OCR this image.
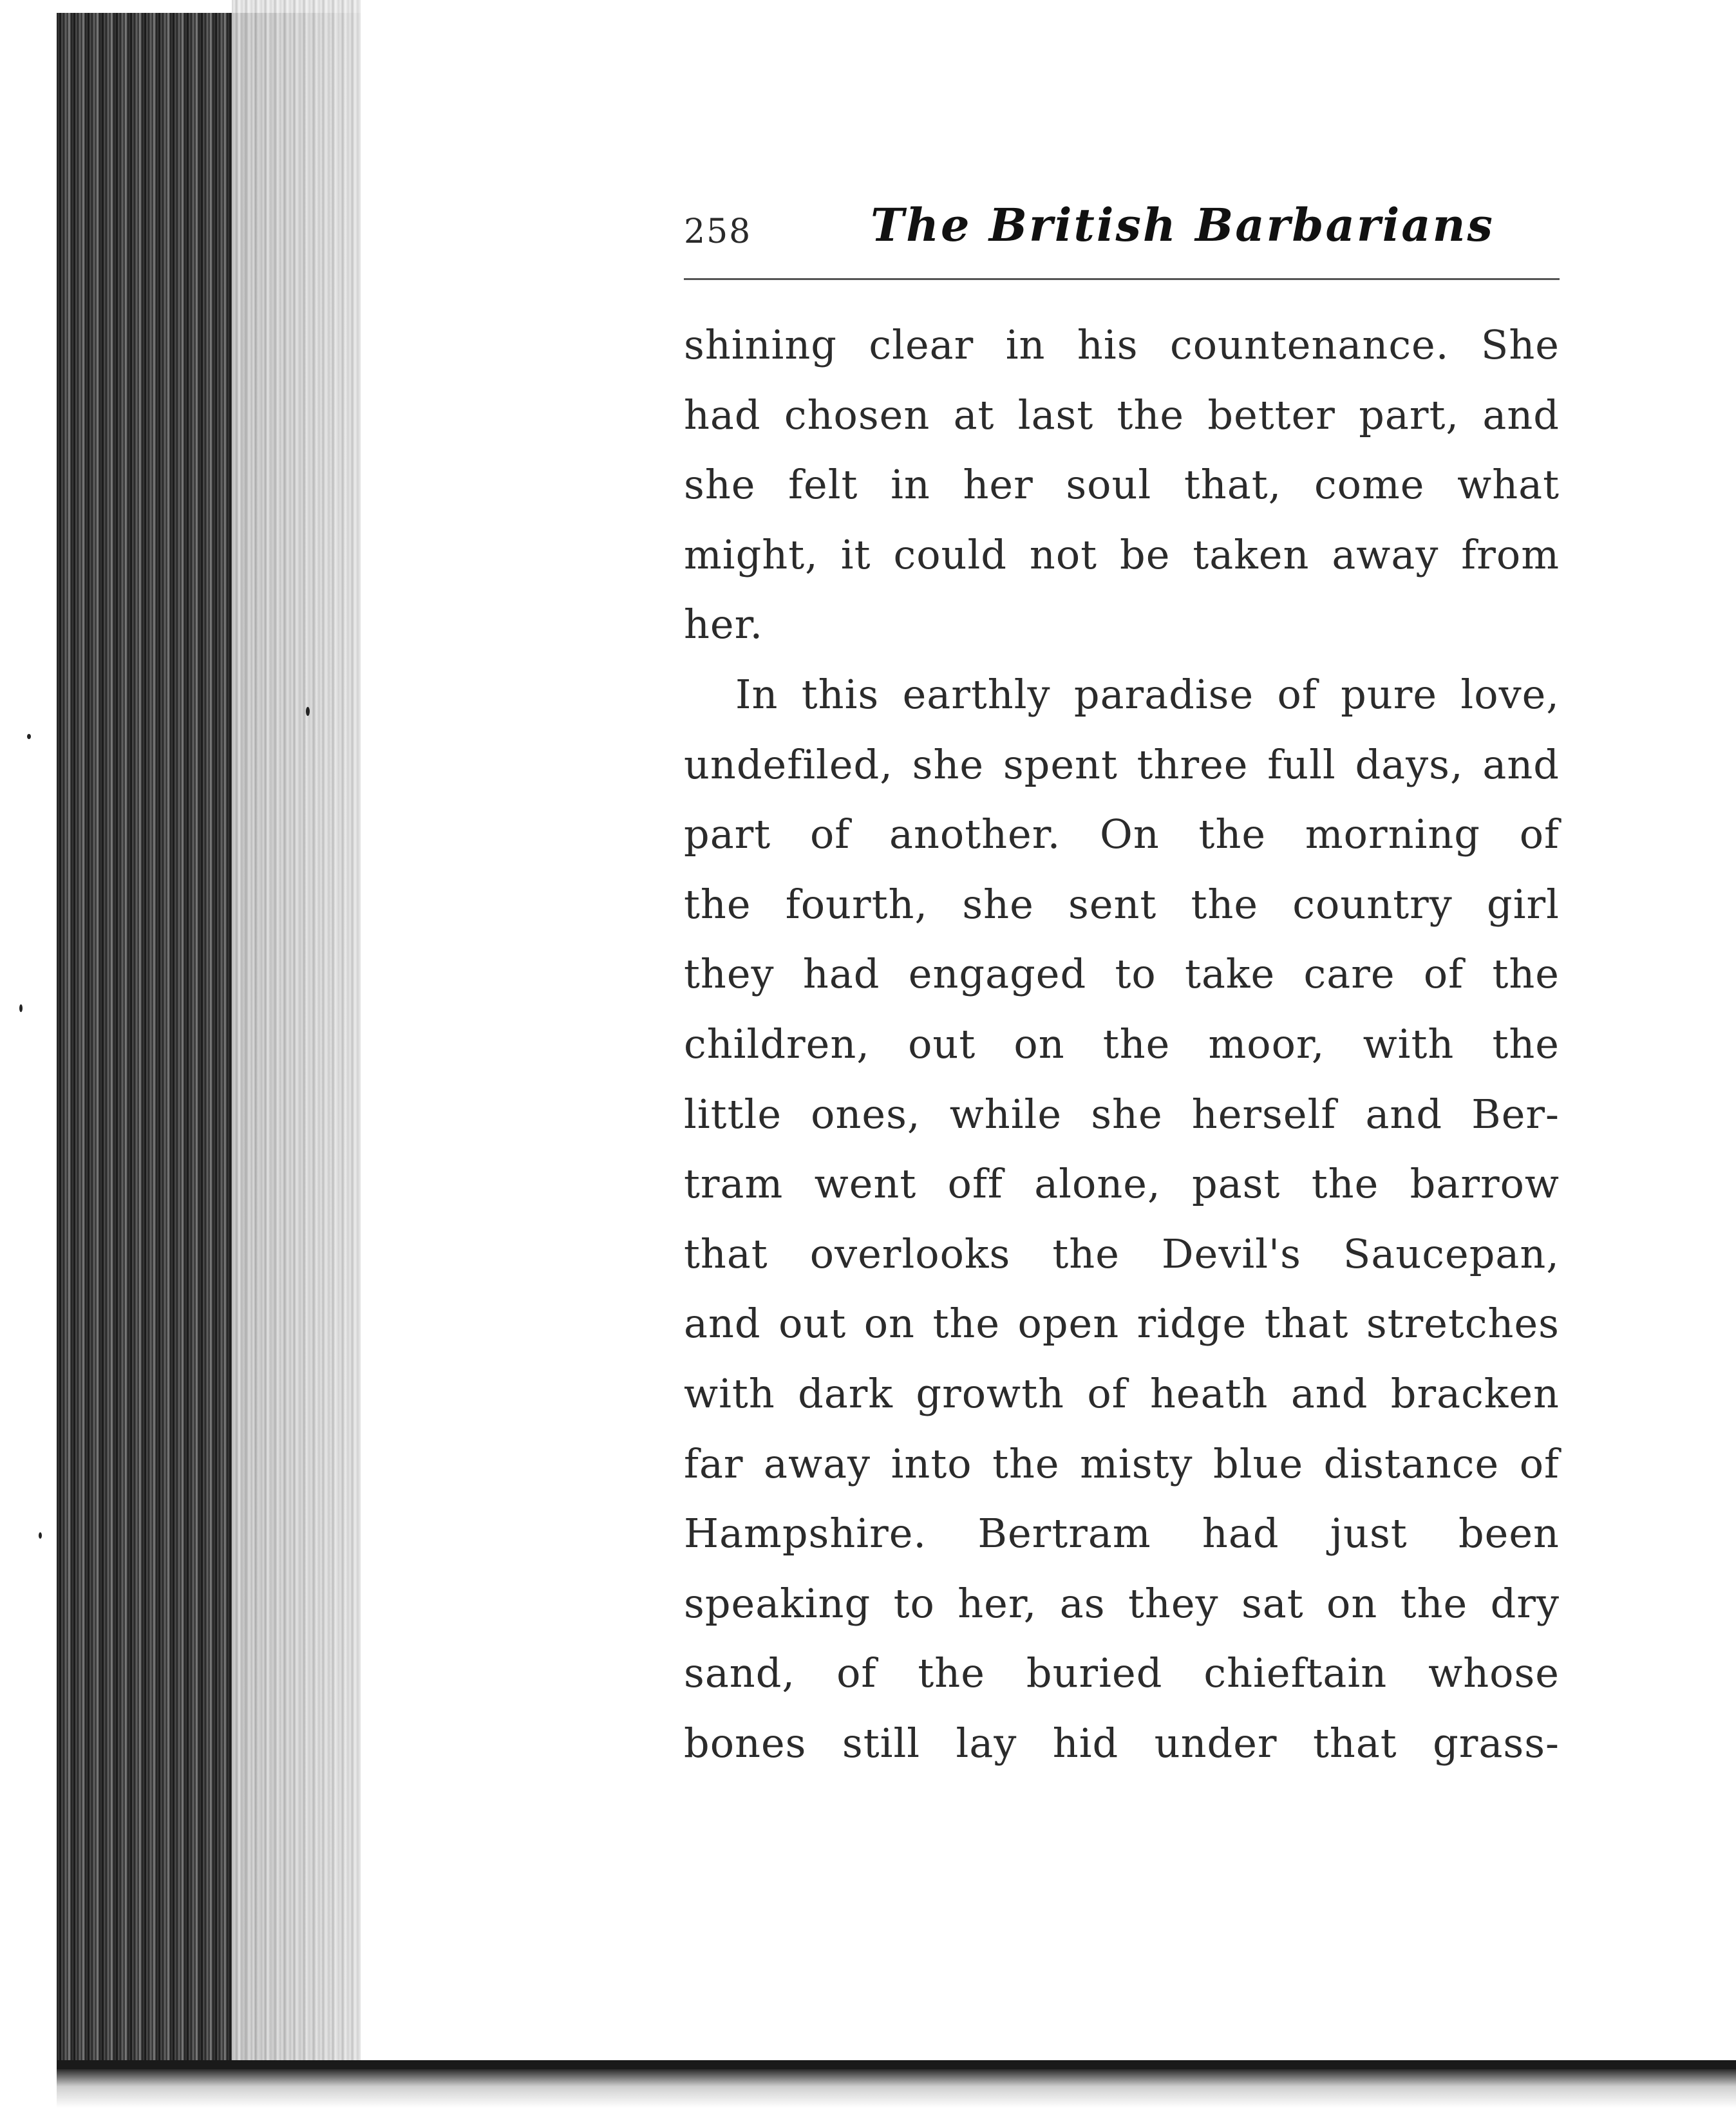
258	The British Barbarians
shining clear in his countenance. She
had chosen at last the better part, and
she felt in her soul that, come what
might, it could not be taken away from
her.
In this earthly paradise of pure love,
undefiled, she spent three full days, and
part of another. On the morning of
the fourth, she sent the country girl
they had engaged to take care of the
children, out on the moor, with the
little ones, while she herself and Ber-
tram went off alone, past the barrow
that overlooks the Devil's Saucepan,
and out on the open ridge that stretches
with dark growth of heath and bracken
far away into the misty blue distance of
Hampshire. Bertram had just been
speaking to her, as they sat on the dry
sand, of the buried chieftain whose
bones still lay hid under that grass-
